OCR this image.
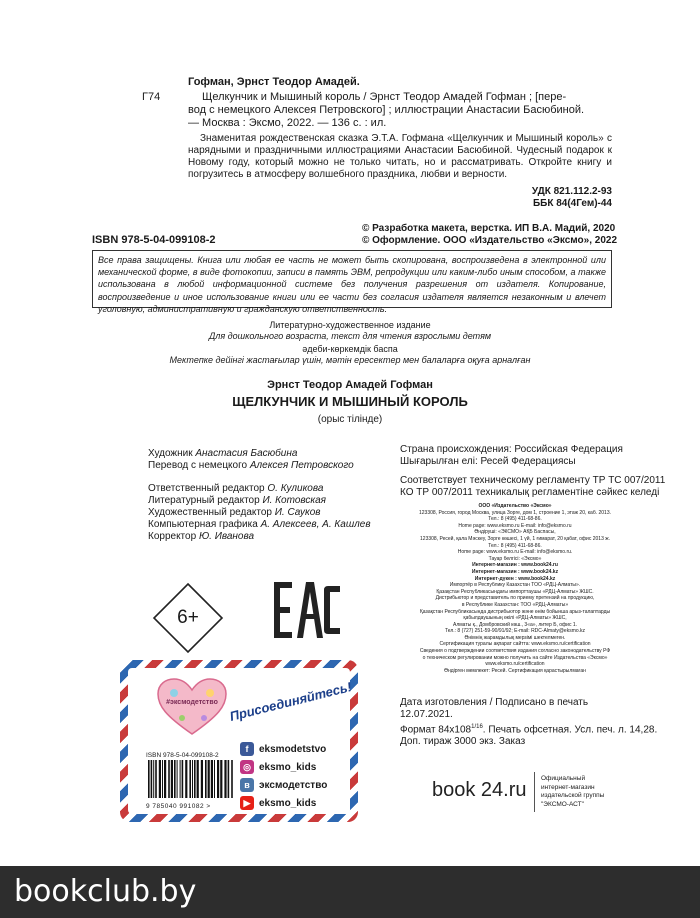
Гофман, Эрнст Теодор Амадей.
Г74	Щелкунчик и Мышиный король / Эрнст Теодор Амадей Гофман ; [пере-
вод с немецкого Алексея Петровского] ; иллюстрации Анастасии Басюбиной.
— Москва : Эксмо, 2022. — 136 с. : ил.
Знаменитая рождественская сказка Э.Т.А. Гофмана «Щелкунчик и Мышиный король» с нарядными и праздничными иллюстрациями Анастасии Басюбиной. Чудесный подарок к Новому году, который можно не только читать, но и рассматривать. Откройте книгу и погрузитесь в атмосферу волшебного праздника, любви и верности.
УДК 821.112.2-93
ББК 84(4Гем)-44
ISBN 978-5-04-099108-2
© Разработка макета, верстка. ИП В.А. Мадий, 2020
© Оформление. ООО «Издательство «Эксмо», 2022
Все права защищены. Книга или любая ее часть не может быть скопирована, воспроизведена в электронной или механической форме, в виде фотокопии, записи в память ЭВМ, репродукции или каким-либо иным способом, а также использована в любой информационной системе без получения разрешения от издателя. Копирование, воспроизведение и иное использование книги или ее части без согласия издателя является незаконным и влечет уголовную, административную и гражданскую ответственность.
Литературно-художественное издание
Для дошкольного возраста, текст для чтения взрослыми детям
әдеби-көркемдік баспа
Мектепке дейінгі жастағылар үшін, мәтін ересектер мен балаларға оқуға арналған
Эрнст Теодор Амадей Гофман
ЩЕЛКУНЧИК И МЫШИНЫЙ КОРОЛЬ
(орыс тілінде)
Художник Анастасия Басюбина
Перевод с немецкого Алексея Петровского
Ответственный редактор О. Куликова
Литературный редактор И. Котовская
Художественный редактор И. Сауков
Компьютерная графика А. Алексеев, А. Кашлев
Корректор Ю. Иванова
Страна происхождения: Российская Федерация
Шығарылған елі: Ресей Федерациясы
Соответствует техническому регламенту ТР ТС 007/2011
КО ТР 007/2011 техникалық регламентіне сәйкес келеді
ООО «Издательство «Эксмо»
123308, Россия, город Москва, улица Зорге, дом 1, строение 1, этаж 20, каб. 2013.
Тел.: 8 (495) 411-68-86.
Home page: www.eksmo.ru E-mail: info@eksmo.ru
Өндіруші: «ЭКСМО» АҚБ Баспасы,
123308, Ресей, қала Мәскеу, Зорге көшесі, 1 үй, 1 ғимарат, 20 қабат, офис 2013 ж.
Тел.: 8 (495) 411-68-86.
Home page: www.eksmo.ru E-mail: info@eksmo.ru.
Тауар белгісі: «Эксмо»
Интернет-магазин : www.book24.ru
Интернет-магазин : www.book24.kz
Интернет-дүкен : www.book24.kz
Импортёр в Республику Казахстан ТОО «РДЦ-Алматы».
Қазақстан Республикасындағы импорттаушы «РДЦ-Алматы» ЖШС.
Дистрибьютор и представитель по приему претензий на продукцию,
в Республике Казахстан: ТОО «РДЦ-Алматы»
Қазақстан Республикасында дистрибьютор және өнім бойынша арыз-талаптарды
қабылдаушының өкілі «РДЦ-Алматы» ЖШС,
Алматы қ., Домбровский көш., 3«а», литер Б, офис 1.
Тел.: 8 (727) 251-59-90/91/92; E-mail: RDC-Almaty@eksmo.kz
Өнімнің жарамдылық мерзімі шектелмеген.
Сертификация туралы ақпарат сайтта: www.eksmo.ru/certification
Сведения о подтверждении соответствия издания согласно законодательству РФ
о техническом регулировании можно получить на сайте Издательства «Эксмо»
www.eksmo.ru/certification
Өндірген мемлекет: Ресей. Сертификация қарастырылмаған
Дата изготовления / Подписано в печать 12.07.2021.
Формат $84x108^{1/16}$. Печать офсетная. Усл. печ. л. 14,28.
Доп. тираж 3000 экз. Заказ
6+
#эксмодетство Присоединяйтесь!
ISBN 978-5-04-099108-2
9 785040 991082 >
f	eksmodetstvo
◎ eksmo_kids
в эксмодетство
▶ eksmo_kids
book 24.ru
Официальный
интернет-магазин
издательской группы
"ЭКСМО-АСТ"
bookclub.by
